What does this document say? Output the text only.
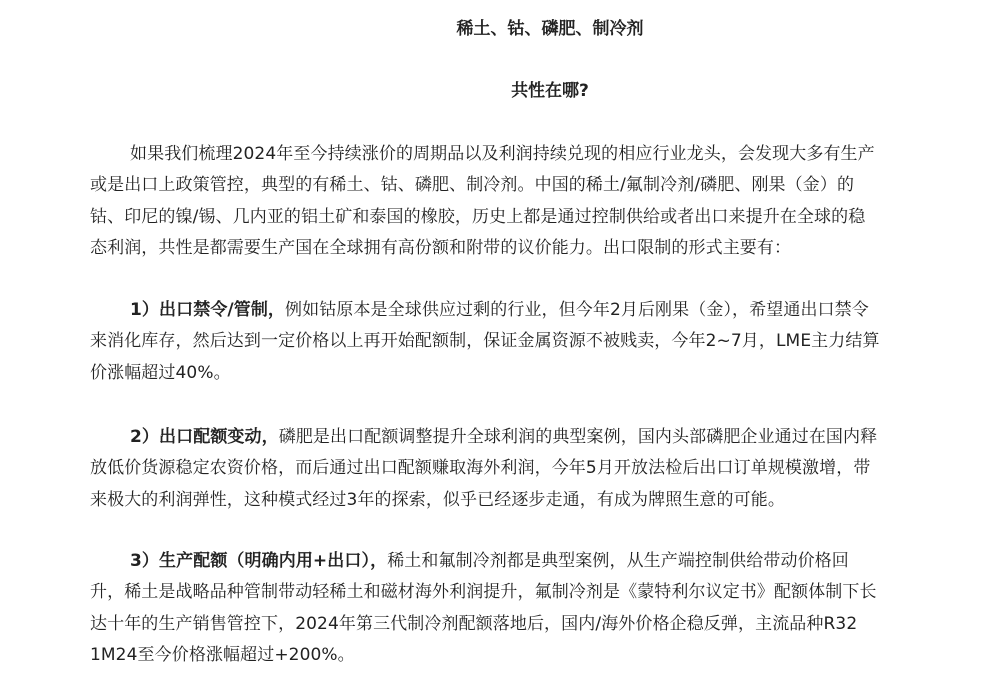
稀土、钴、磷肥、制冷剂
共性在哪?

如果我们梳理2024年至今持续涨价的周期品以及利润持续兑现的相应行业龙头，会发现大多有生产
或是出口上政策管控，典型的有稀土、钴、磷肥、制冷剂。中国的稀土/氟制冷剂/磷肥、刚果（金）的
钴、印尼的镍/锡、几内亚的铝土矿和泰国的橡胶，历史上都是通过控制供给或者出口来提升在全球的稳
态利润，共性是都需要生产国在全球拥有高份额和附带的议价能力。出口限制的形式主要有：

1）出口禁令/管制，例如钴原本是全球供应过剩的行业，但今年2月后刚果（金），希望通出口禁令
来消化库存，然后达到一定价格以上再开始配额制，保证金属资源不被贱卖，今年2~7月，LME主力结算
价涨幅超过40%。

2）出口配额变动，磷肥是出口配额调整提升全球利润的典型案例，国内头部磷肥企业通过在国内释
放低价货源稳定农资价格，而后通过出口配额赚取海外利润，今年5月开放法检后出口订单规模激增，带
来极大的利润弹性，这种模式经过3年的探索，似乎已经逐步走通，有成为牌照生意的可能。

3）生产配额（明确内用+出口），稀土和氟制冷剂都是典型案例，从生产端控制供给带动价格回
升，稀土是战略品种管制带动轻稀土和磁材海外利润提升，氟制冷剂是《蒙特利尔议定书》配额体制下长
达十年的生产销售管控下，2024年第三代制冷剂配额落地后，国内/海外价格企稳反弹，主流品种R32
1M24至今价格涨幅超过+200%。
